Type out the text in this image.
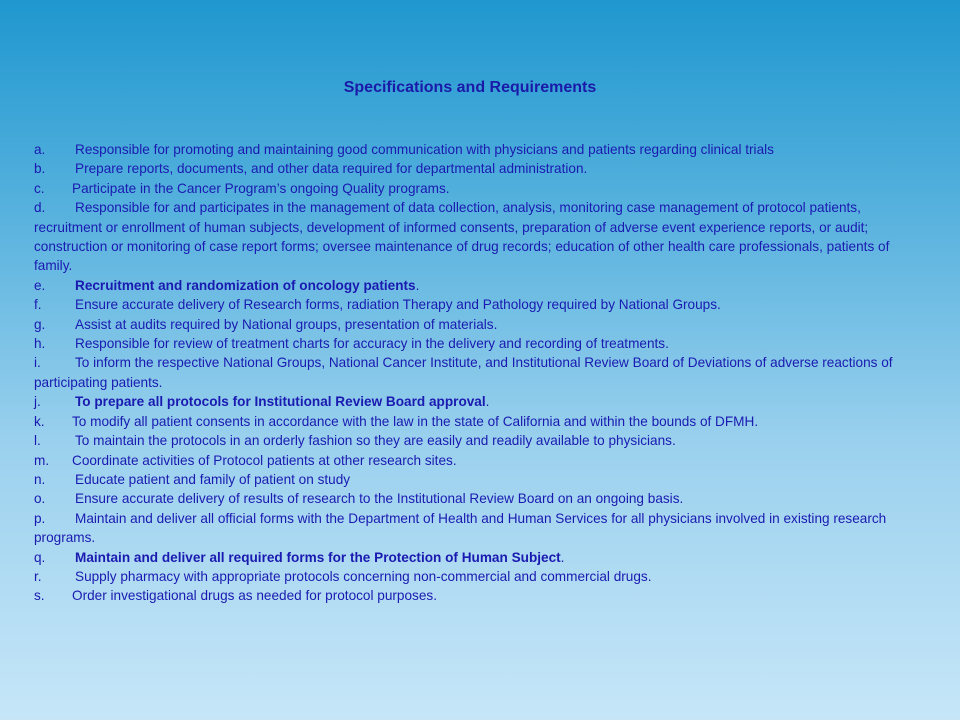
Specifications and Requirements
a. Responsible for promoting and maintaining good communication with physicians and patients regarding clinical trials
b. Prepare reports, documents, and other data required for departmental administration.
c. Participate in the Cancer Program’s ongoing Quality programs.
d. Responsible for and participates in the management of data collection, analysis, monitoring case management of protocol patients, recruitment or enrollment of human subjects, development of informed consents, preparation of adverse event experience reports, or audit; construction or monitoring of case report forms; oversee maintenance of drug records; education of other health care professionals, patients of family.
e. Recruitment and randomization of oncology patients.
f. Ensure accurate delivery of Research forms, radiation Therapy and Pathology required by National Groups.
g. Assist at audits required by National groups, presentation of materials.
h. Responsible for review of treatment charts for accuracy in the delivery and recording of treatments.
i.	To inform the respective National Groups, National Cancer Institute, and Institutional Review Board of Deviations of adverse reactions of participating patients.
j.	To prepare all protocols for Institutional Review Board approval.
k. To modify all patient consents in accordance with the law in the state of California and within the bounds of DFMH.
l.	To maintain the protocols in an orderly fashion so they are easily and readily available to physicians.
m. Coordinate activities of Protocol patients at other research sites.
n. Educate patient and family of patient on study
o. Ensure accurate delivery of results of research to the Institutional Review Board on an ongoing basis.
p. Maintain and deliver all official forms with the Department of Health and Human Services for all physicians involved in existing research programs.
q. Maintain and deliver all required forms for the Protection of Human Subject.
r. Supply pharmacy with appropriate protocols concerning non-commercial and commercial drugs.
s. Order investigational drugs as needed for protocol purposes.
